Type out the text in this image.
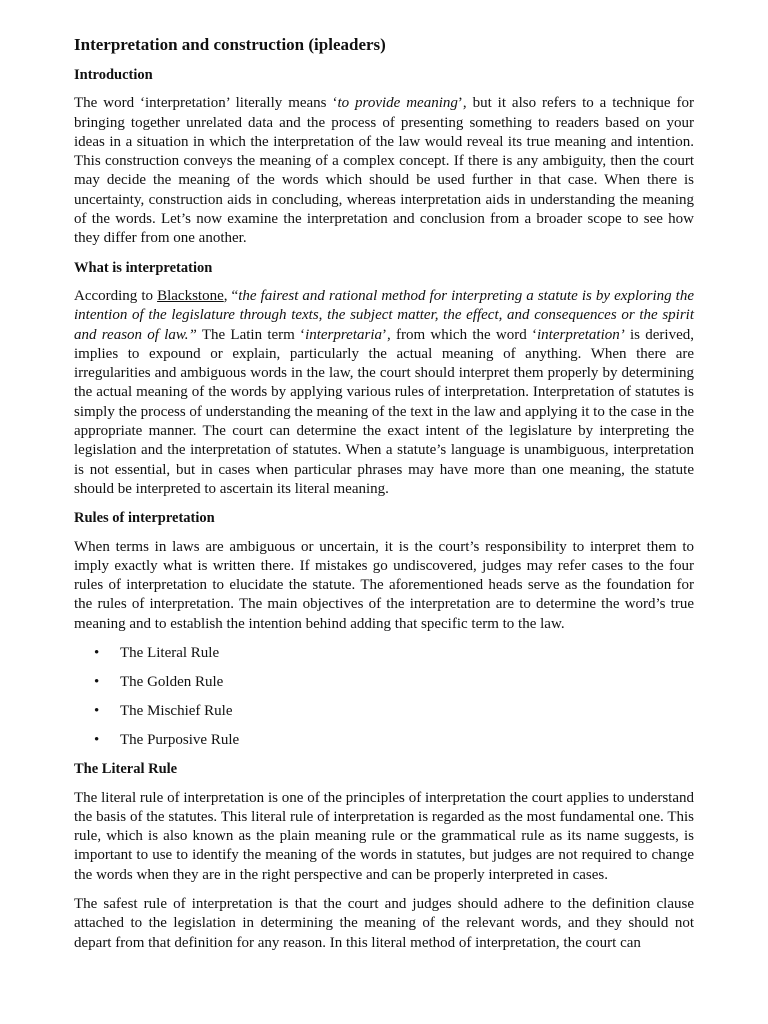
Interpretation and construction (ipleaders)
Introduction

The word ‘interpretation’ literally means ‘to provide meaning’, but it also refers to a technique for bringing together unrelated data and the process of presenting something to readers based on your ideas in a situation in which the interpretation of the law would reveal its true meaning and intention. This construction conveys the meaning of a complex concept. If there is any ambiguity, then the court may decide the meaning of the words which should be used further in that case. When there is uncertainty, construction aids in concluding, whereas interpretation aids in understanding the meaning of the words. Let’s now examine the interpretation and conclusion from a broader scope to see how they differ from one another.

What is interpretation

According to Blackstone, “the fairest and rational method for interpreting a statute is by exploring the intention of the legislature through texts, the subject matter, the effect, and consequences or the spirit and reason of law.” The Latin term ‘interpretaria’, from which the word ‘interpretation’ is derived, implies to expound or explain, particularly the actual meaning of anything. When there are irregularities and ambiguous words in the law, the court should interpret them properly by determining the actual meaning of the words by applying various rules of interpretation. Interpretation of statutes is simply the process of understanding the meaning of the text in the law and applying it to the case in the appropriate manner. The court can determine the exact intent of the legislature by interpreting the legislation and the interpretation of statutes. When a statute’s language is unambiguous, interpretation is not essential, but in cases when particular phrases may have more than one meaning, the statute should be interpreted to ascertain its literal meaning.

Rules of interpretation

When terms in laws are ambiguous or uncertain, it is the court’s responsibility to interpret them to imply exactly what is written there. If mistakes go undiscovered, judges may refer cases to the four rules of interpretation to elucidate the statute. The aforementioned heads serve as the foundation for the rules of interpretation. The main objectives of the interpretation are to determine the word’s true meaning and to establish the intention behind adding that specific term to the law.

• The Literal Rule
• The Golden Rule
• The Mischief Rule
• The Purposive Rule
The Literal Rule

The literal rule of interpretation is one of the principles of interpretation the court applies to understand the basis of the statutes. This literal rule of interpretation is regarded as the most fundamental one. This rule, which is also known as the plain meaning rule or the grammatical rule as its name suggests, is important to use to identify the meaning of the words in statutes, but judges are not required to change the words when they are in the right perspective and can be properly interpreted in cases.

The safest rule of interpretation is that the court and judges should adhere to the definition clause attached to the legislation in determining the meaning of the relevant words, and they should not depart from that definition for any reason. In this literal method of interpretation, the court can
